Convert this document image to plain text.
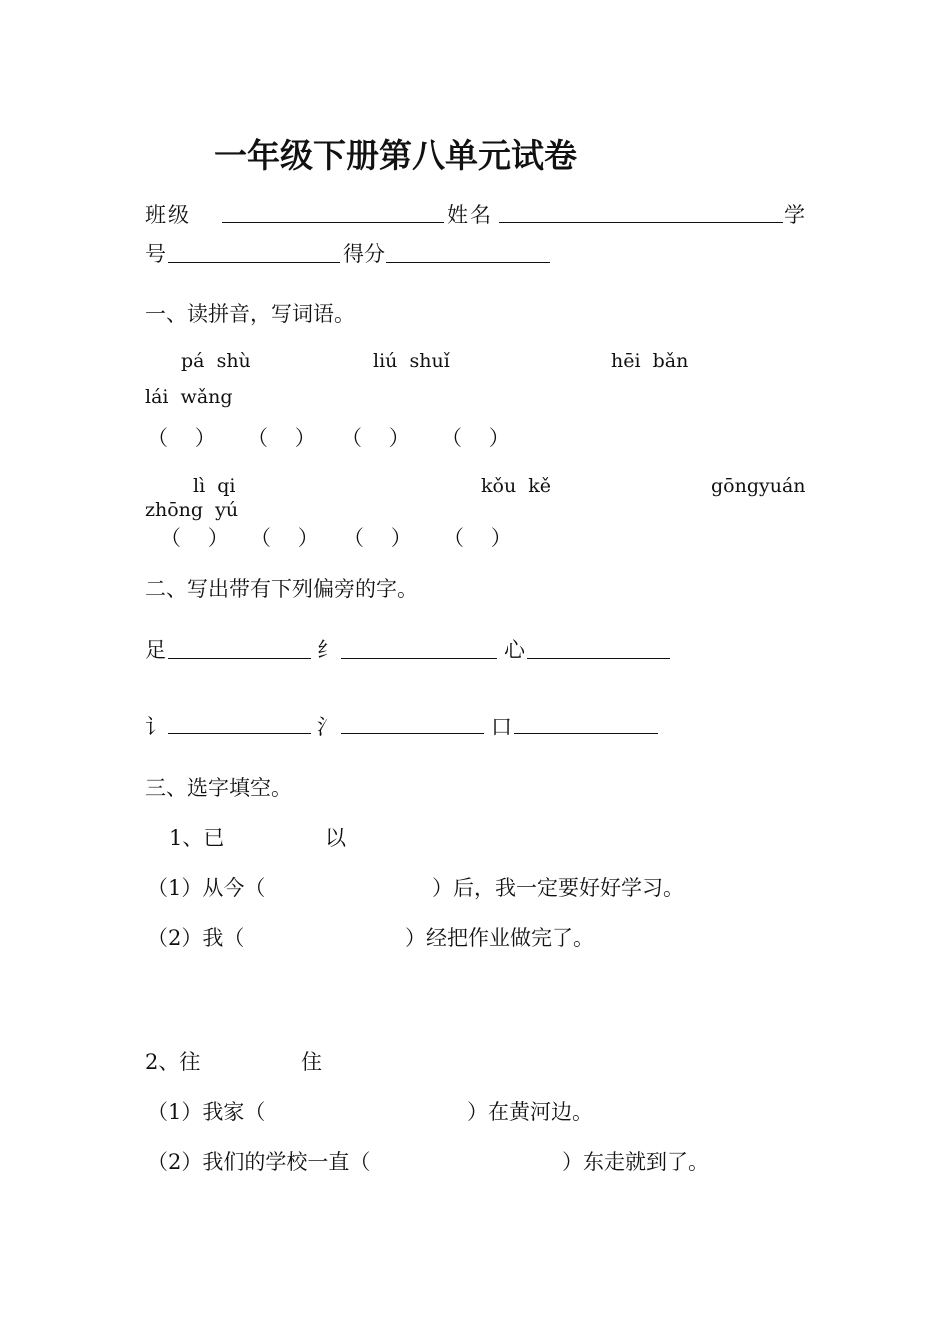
一年级下册第八单元试卷
班级	姓名	学
号	得分
一、读拼音，写词语。
pá  shù	liú  shuǐ	hēi  bǎn
lái  wǎng
（    ） （    ） （    ） （    ）
lì  qi	kǒu  kě	gōngyuán
zhōng  yú
（    ） （    ） （    ） （    ）
二、写出带有下列偏旁的字。
足	纟	心
讠	氵	口
三、选字填空。
1、已	以
（1）从今（	）后，我一定要好好学习。
（2）我（	）经把作业做完了。
2、往	住
（1）我家（	）在黄河边。
（2）我们的学校一直（	）东走就到了。
